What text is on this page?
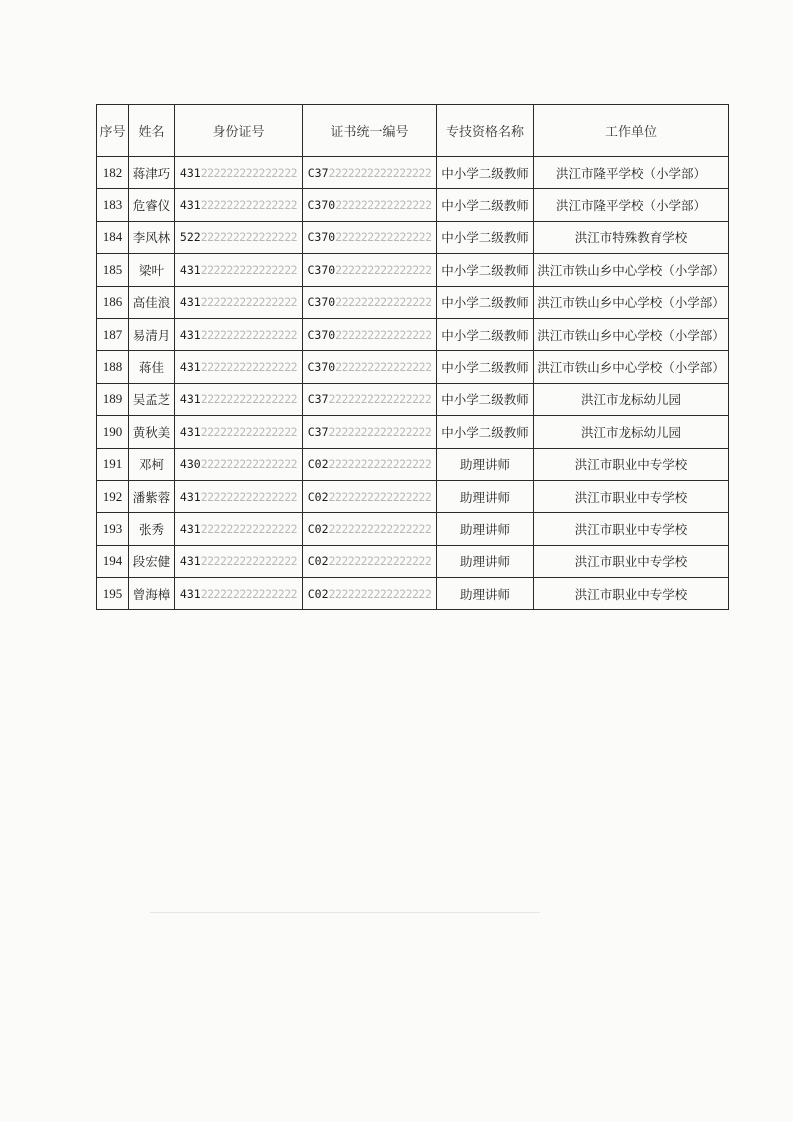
序号	姓名	身份证号	证书统一编号	专技资格名称	工作单位
182	蒋津巧	431222222222222222	C372222222222222222	中小学二级教师	洪江市隆平学校（小学部）
183	危睿仪	431222222222222222	C370222222222222222	中小学二级教师	洪江市隆平学校（小学部）
184	李风林	522222222222222222	C370222222222222222	中小学二级教师	洪江市特殊教育学校
185	梁叶	431222222222222222	C370222222222222222	中小学二级教师	洪江市铁山乡中心学校（小学部）
186	高佳浪	431222222222222222	C370222222222222222	中小学二级教师	洪江市铁山乡中心学校（小学部）
187	易清月	431222222222222222	C370222222222222222	中小学二级教师	洪江市铁山乡中心学校（小学部）
188	蒋佳	431222222222222222	C370222222222222222	中小学二级教师	洪江市铁山乡中心学校（小学部）
189	吴孟芝	431222222222222222	C372222222222222222	中小学二级教师	洪江市龙标幼儿园
190	黄秋美	431222222222222222	C372222222222222222	中小学二级教师	洪江市龙标幼儿园
191	邓柯	430222222222222222	C022222222222222222	助理讲师	洪江市职业中专学校
192	潘紫蓉	431222222222222222	C022222222222222222	助理讲师	洪江市职业中专学校
193	张秀	431222222222222222	C022222222222222222	助理讲师	洪江市职业中专学校
194	段宏健	431222222222222222	C022222222222222222	助理讲师	洪江市职业中专学校
195	曾海樟	431222222222222222	C022222222222222222	助理讲师	洪江市职业中专学校
